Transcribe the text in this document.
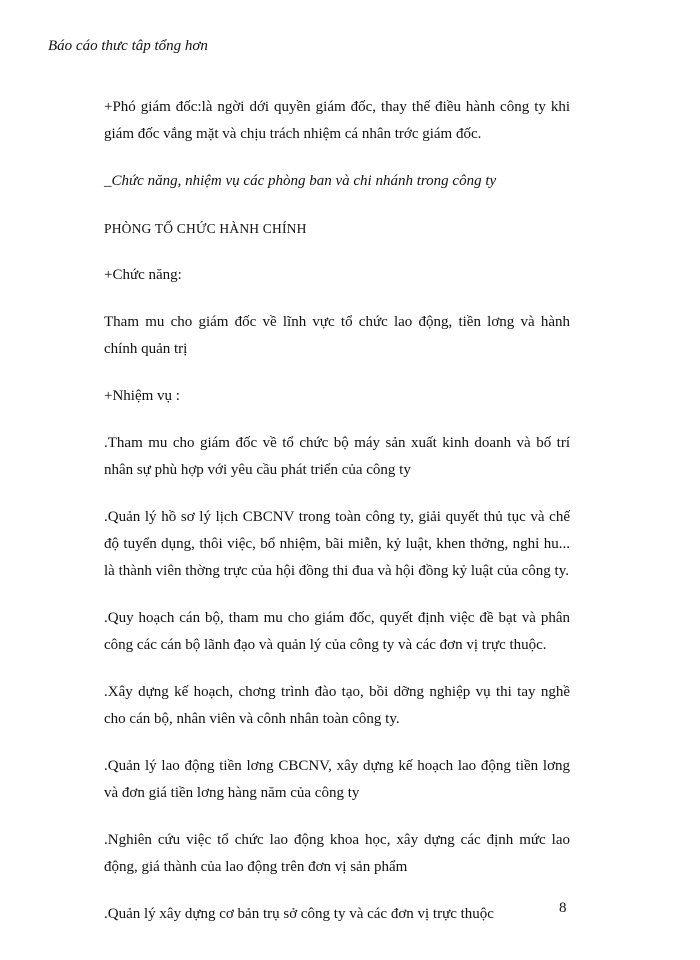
Báo cáo thưc tâp tổng hơn

+Phó giám đốc:là ngời dới quyền giám đốc, thay thế điều hành công ty khi giám đốc vắng mặt và chịu trách nhiệm cá nhân trớc giám đốc.

_Chức năng, nhiệm vụ các phòng ban và chi nhánh trong công ty

PHÒNG TỔ CHỨC HÀNH CHÍNH

+Chức năng:

Tham mu cho giám đốc về lĩnh vực tổ chức lao động, tiền lơng và hành chính quản trị

+Nhiệm vụ :

.Tham mu cho giám đốc về tổ chức bộ máy sản xuất kinh doanh và bố trí nhân sự phù hợp với yêu cầu phát triển của công ty

.Quản lý hồ sơ lý lịch CBCNV trong toàn công ty, giải quyết thủ tục và chế độ tuyển dụng, thôi việc, bổ nhiệm, bãi miễn, kỷ luật, khen thởng, nghỉ hu... là thành viên thờng trực của hội đồng thi đua và hội đồng kỷ luật của công ty.

.Quy hoạch cán bộ, tham mu cho giám đốc, quyết định việc đề bạt và phân công các cán bộ lãnh đạo và quản lý của công ty và các đơn vị trực thuộc.

.Xây dựng kế hoạch, chơng trình đào tạo, bồi dỡng nghiệp vụ thi tay nghề cho cán bộ, nhân viên và cônh nhân toàn công ty.

.Quản lý lao động tiền lơng CBCNV, xây dựng kế hoạch lao động tiền lơng và đơn giá tiền lơng hàng năm của công ty

.Nghiên cứu việc tổ chức lao động khoa học, xây dựng các định mức lao động, giá thành của lao động trên đơn vị sản phẩm

.Quản lý xây dựng cơ bản trụ sở công ty và các đơn vị trực thuộc	8
